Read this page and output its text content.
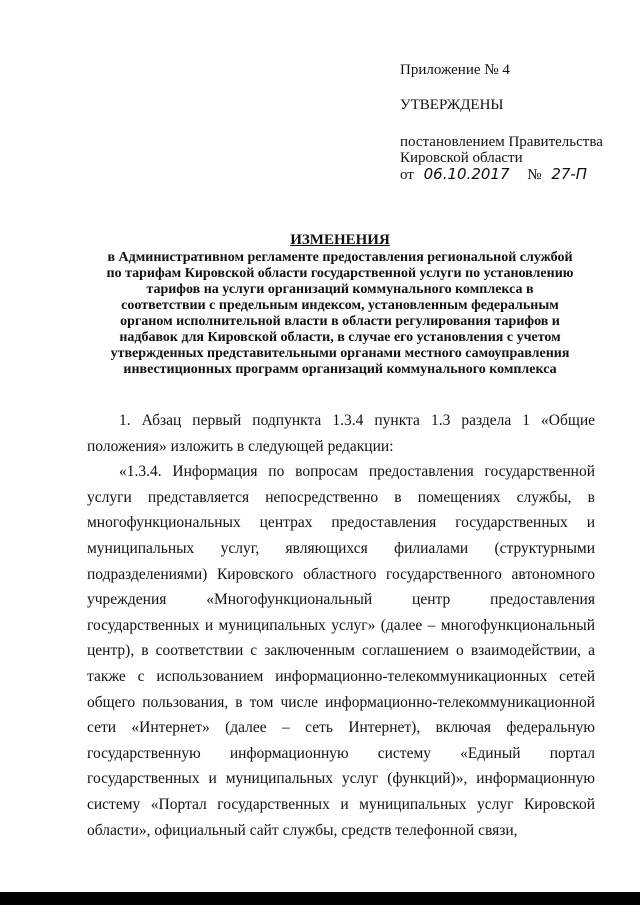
Приложение № 4
УТВЕРЖДЕНЫ
постановлением Правительства
Кировской области
от 06.10.2017 № 27-П
ИЗМЕНЕНИЯ
в Административном регламенте предоставления региональной службой
по тарифам Кировской области государственной услуги по установлению
тарифов на услуги организаций коммунального комплекса в
соответствии с предельным индексом, установленным федеральным
органом исполнительной власти в области регулирования тарифов и
надбавок для Кировской области, в случае его установления с учетом
утвержденных представительными органами местного самоуправления
инвестиционных программ организаций коммунального комплекса

1. Абзац первый подпункта 1.3.4 пункта 1.3 раздела 1 «Общие положения» изложить в следующей редакции:

«1.3.4. Информация по вопросам предоставления государственной услуги представляется непосредственно в помещениях службы, в многофункциональных центрах предоставления государственных и муниципальных услуг, являющихся филиалами (структурными подразделениями) Кировского областного государственного автономного учреждения «Многофункциональный центр предоставления государственных и муниципальных услуг» (далее – многофункциональный центр), в соответствии с заключенным соглашением о взаимодействии, а также с использованием информационно-телекоммуникационных сетей общего пользования, в том числе информационно-телекоммуникационной сети «Интернет» (далее – сеть Интернет), включая федеральную государственную информационную систему «Единый портал государственных и муниципальных услуг (функций)», информационную систему «Портал государственных и муниципальных услуг Кировской области», официальный сайт службы, средств телефонной связи,
